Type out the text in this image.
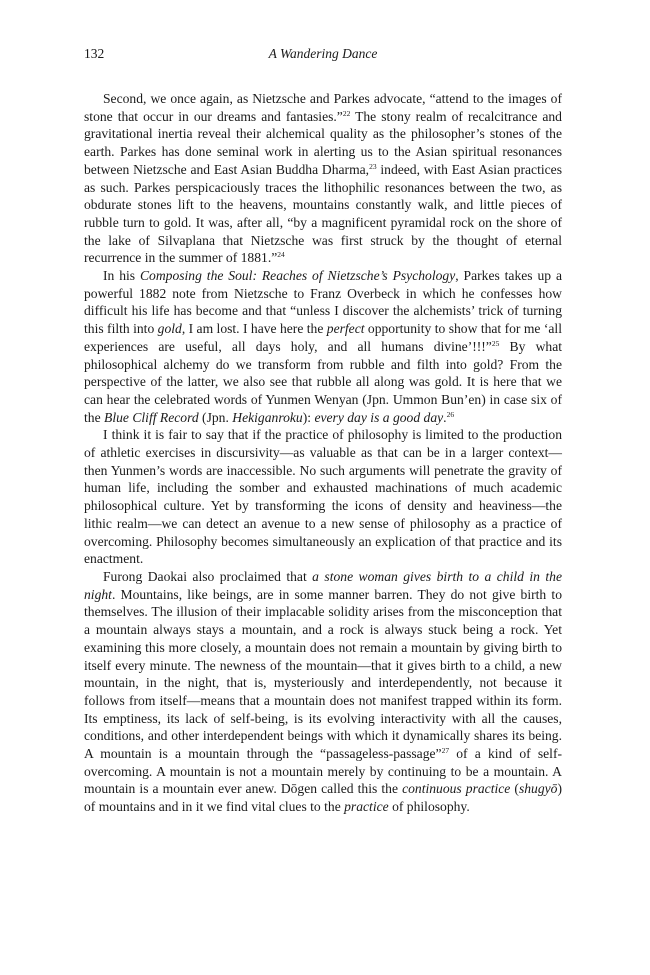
132	A Wandering Dance

Second, we once again, as Nietzsche and Parkes advocate, “attend to the images of stone that occur in our dreams and fantasies.”$^{22}$ The stony realm of recalcitrance and gravitational inertia reveal their alchemical quality as the philosopher’s stones of the earth. Parkes has done seminal work in alerting us to the Asian spiritual resonances between Nietzsche and East Asian Buddha Dharma,$^{23}$ indeed, with East Asian practices as such. Parkes perspicaciously traces the lithophilic resonances between the two, as obdurate stones lift to the heavens, mountains constantly walk, and little pieces of rubble turn to gold. It was, after all, “by a magnificent pyramidal rock on the shore of the lake of Silvaplana that Nietzsche was first struck by the thought of eternal recurrence in the summer of 1881.”$^{24}$

In his Composing the Soul: Reaches of Nietzsche’s Psychology, Parkes takes up a powerful 1882 note from Nietzsche to Franz Overbeck in which he confesses how difficult his life has become and that “unless I discover the alchemists’ trick of turning this filth into gold, I am lost. I have here the perfect opportunity to show that for me ‘all experiences are useful, all days holy, and all humans divine’!!!”$^{25}$ By what philosophical alchemy do we transform from rubble and filth into gold? From the perspective of the latter, we also see that rubble all along was gold. It is here that we can hear the celebrated words of Yunmen Wenyan (Jpn. Ummon Bun’en) in case six of the Blue Cliff Record (Jpn. Hekiganroku): every day is a good day.$^{26}$

I think it is fair to say that if the practice of philosophy is limited to the production of athletic exercises in discursivity—as valuable as that can be in a larger context—then Yunmen’s words are inaccessible. No such arguments will penetrate the gravity of human life, including the somber and exhausted machinations of much academic philosophical culture. Yet by transforming the icons of density and heaviness—the lithic realm—we can detect an avenue to a new sense of philosophy as a practice of overcoming. Philosophy becomes simultaneously an explication of that practice and its enactment.

Furong Daokai also proclaimed that a stone woman gives birth to a child in the night. Mountains, like beings, are in some manner barren. They do not give birth to themselves. The illusion of their implacable solidity arises from the misconception that a mountain always stays a mountain, and a rock is always stuck being a rock. Yet examining this more closely, a mountain does not remain a mountain by giving birth to itself every minute. The newness of the mountain—that it gives birth to a child, a new mountain, in the night, that is, mysteriously and interdependently, not because it follows from itself—means that a mountain does not manifest trapped within its form. Its emptiness, its lack of self-being, is its evolving interactivity with all the causes, conditions, and other interdependent beings with which it dynamically shares its being. A mountain is a mountain through the “passageless-passage”$^{27}$ of a kind of self-overcoming. A mountain is not a mountain merely by continuing to be a mountain. A mountain is a mountain ever anew. Dōgen called this the continuous practice (shugyō) of mountains and in it we find vital clues to the practice of philosophy.
